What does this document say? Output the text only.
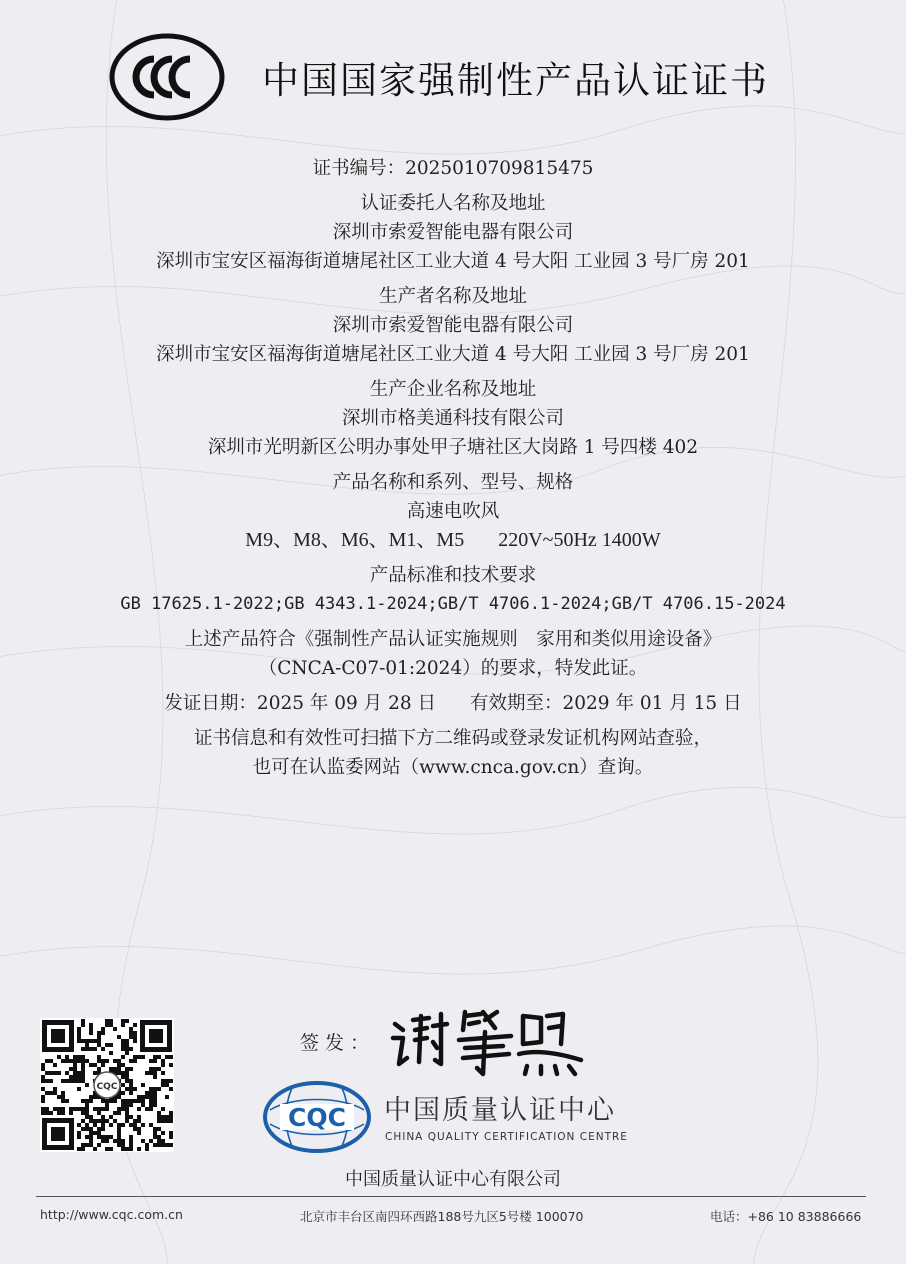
中国国家强制性产品认证证书
证书编号：2025010709815475
认证委托人名称及地址
深圳市索爱智能电器有限公司
深圳市宝安区福海街道塘尾社区工业大道 4 号大阳 工业园 3 号厂房 201
生产者名称及地址
深圳市索爱智能电器有限公司
深圳市宝安区福海街道塘尾社区工业大道 4 号大阳 工业园 3 号厂房 201
生产企业名称及地址
深圳市格美通科技有限公司
深圳市光明新区公明办事处甲子塘社区大岗路 1 号四楼 402
产品名称和系列、型号、规格
高速电吹风
M9、M8、M6、M1、M5 220V~50Hz 1400W
产品标准和技术要求
GB 17625.1-2022;GB 4343.1-2024;GB/T 4706.1-2024;GB/T 4706.15-2024
上述产品符合《强制性产品认证实施规则　家用和类似用途设备》
（CNCA-C07-01:2024）的要求，特发此证。
发证日期：2025 年 09 月 28 日 有效期至：2029 年 01 月 15 日
证书信息和有效性可扫描下方二维码或登录发证机构网站查验，
也可在认监委网站（www.cnca.gov.cn）查询。
CQC
签发：
CQC 中国质量认证中心
CHINA QUALITY CERTIFICATION CENTRE
中国质量认证中心有限公司
http://www.cqc.com.cn	北京市丰台区南四环西路188号九区5号楼 100070	电话：+86 10 83886666
